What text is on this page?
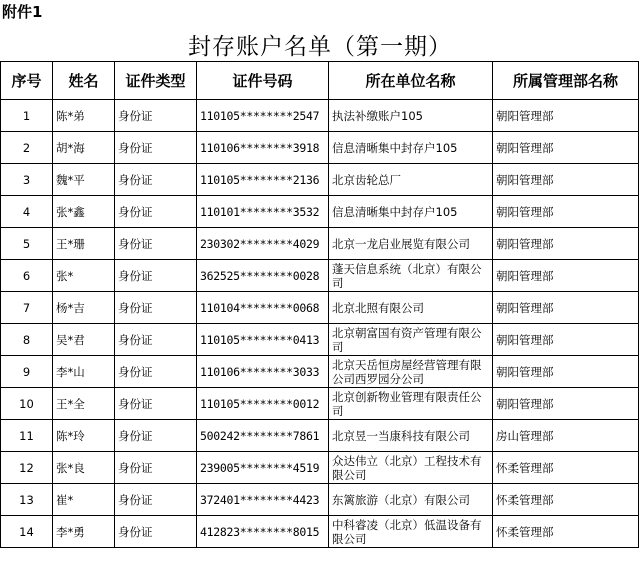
附件1
封存账户名单（第一期）
序号	姓名	证件类型	证件号码	所在单位名称	所属管理部名称
1	陈*弟	身份证	110105********2547	执法补缴账户105	朝阳管理部
2	胡*海	身份证	110106********3918	信息清晰集中封存户105	朝阳管理部
3	魏*平	身份证	110105********2136	北京齿轮总厂	朝阳管理部
4	张*鑫	身份证	110101********3532	信息清晰集中封存户105	朝阳管理部
5	王*珊	身份证	230302********4029	北京一龙启业展览有限公司	朝阳管理部
6	张*	身份证	362525********0028	蓬天信息系统（北京）有限公司	朝阳管理部
7	杨*吉	身份证	110104********0068	北京北照有限公司	朝阳管理部
8	吴*君	身份证	110105********0413	北京朝富国有资产管理有限公司	朝阳管理部
9	李*山	身份证	110106********3033	北京天岳恒房屋经营管理有限公司西罗园分公司	朝阳管理部
10	王*全	身份证	110105********0012	北京创新物业管理有限责任公司	朝阳管理部
11	陈*玲	身份证	500242********7861	北京昱一当康科技有限公司	房山管理部
12	张*良	身份证	239005********4519	众达伟立（北京）工程技术有限公司	怀柔管理部
13	崔*	身份证	372401********4423	东篱旅游（北京）有限公司	怀柔管理部
14	李*勇	身份证	412823********8015	中科睿凌（北京）低温设备有限公司	怀柔管理部
